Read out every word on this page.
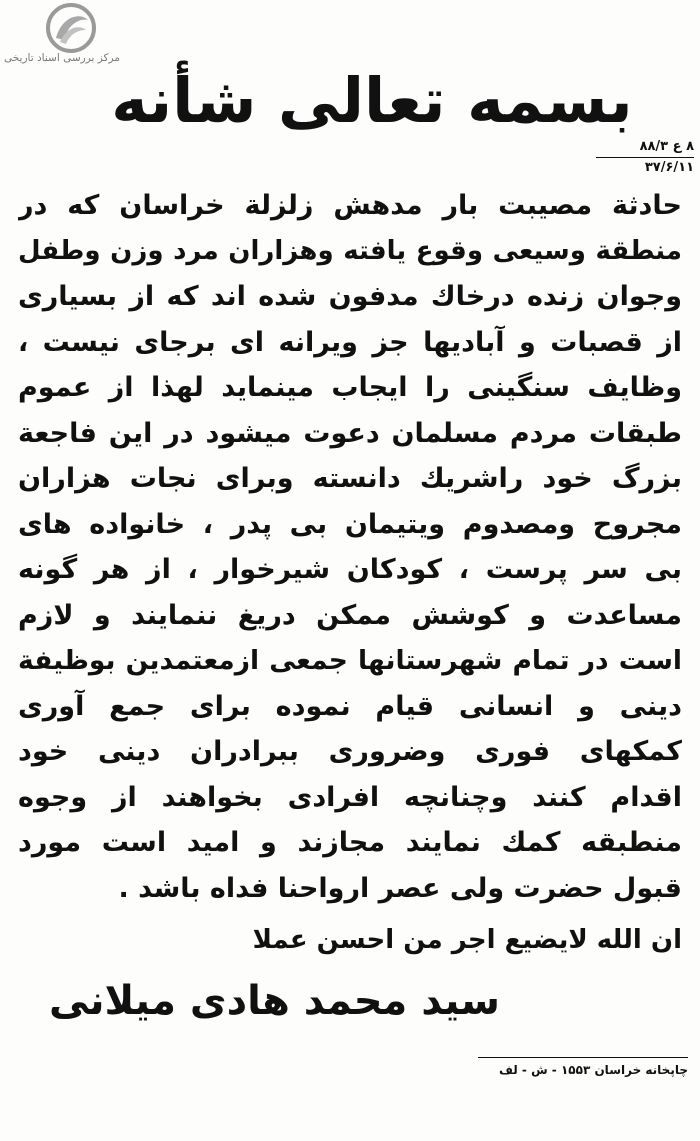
مرکز بررسی اسناد تاریخی
بسمه تعالی شأنه
۸ ع ۸۸/۳
۳۷/۶/۱۱
حادثة مصیبت بار مدهش زلزلة خراسان که در
منطقة وسیعی وقوع یافته وهزاران مرد وزن وطفل
وجوان زنده درخاك مدفون شده اند که از بسیاری
از قصبات و آبادیها جز ویرانه ای برجای نیست ،
وظایف سنگینی را ایجاب مینماید لهذا از عموم
طبقات مردم مسلمان دعوت میشود در این فاجعة
بزرگ خود راشریك دانسته وبرای نجات هزاران
مجروح ومصدوم ویتیمان بی پدر ، خانواده های
بی سر پرست ، کودکان شیرخوار ، از هر گونه
مساعدت و کوشش ممکن دریغ ننمایند و لازم
است در تمام شهرستانها جمعی ازمعتمدین بوظیفة
دینی و انسانی قیام نموده برای جمع آوری
کمکهای فوری وضروری ببرادران دینی خود
اقدام کنند وچنانچه افرادی بخواهند از وجوه
منطبقه کمك نمایند مجازند و امید است مورد
قبول حضرت ولی عصر ارواحنا فداه باشد .
ان الله لایضیع اجر من احسن عملا
سید محمد هادی میلانی
چاپخانه خراسان ۱۵۵۳ - ش - لف
